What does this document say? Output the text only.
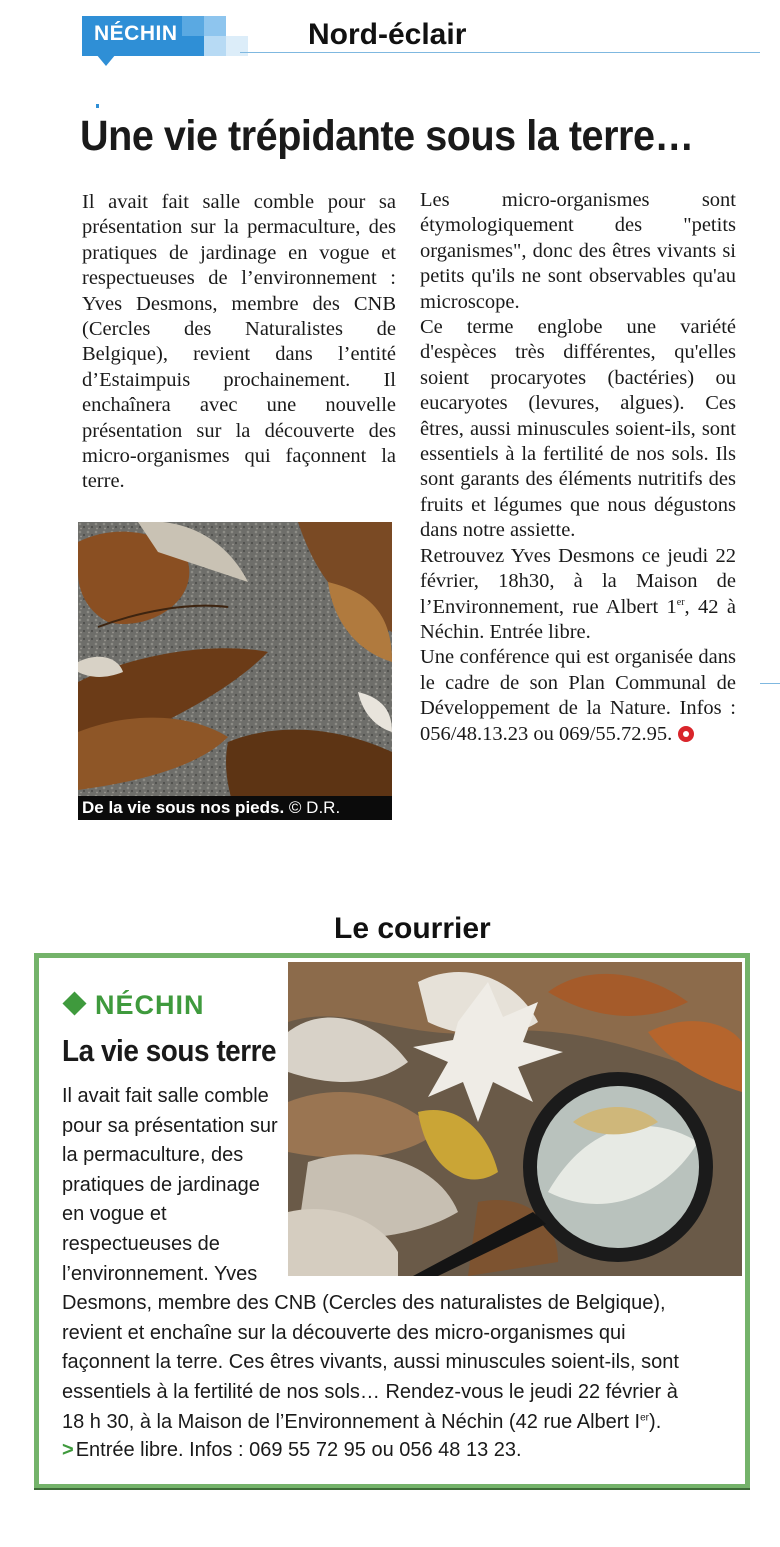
NÉCHIN	Nord-éclair
Une vie trépidante sous la terre…

Il avait fait salle comble pour sa présentation sur la permaculture, des pratiques de jardinage en vogue et respectueuses de l’environnement : Yves Desmons, membre des CNB (Cercles des Naturalistes de Belgique), revient dans l’entité d’Estaimpuis prochainement. Il enchaînera avec une nouvelle présentation sur la découverte des micro-organismes qui façonnent la terre.

Les micro-organismes sont étymologiquement des "petits organismes", donc des êtres vivants si petits qu'ils ne sont observables qu'au microscope.

Ce terme englobe une variété d'espèces très différentes, qu'elles soient procaryotes (bactéries) ou eucaryotes (levures, algues). Ces êtres, aussi minuscules soient-ils, sont essentiels à la fertilité de nos sols. Ils sont garants des éléments nutritifs des fruits et légumes que nous dégustons dans notre assiette.

Retrouvez Yves Desmons ce jeudi 22 février, 18h30, à la Maison de l’Environnement, rue Albert 1er, 42 à Néchin. Entrée libre.

Une conférence qui est organisée dans le cadre de son Plan Communal de Développement de la Nature. Infos : 056/48.13.23 ou 069/55.72.95.

De la vie sous nos pieds. © D.R.
Le courrier
NÉCHIN
La vie sous terre
Il avait fait salle comble pour sa présentation sur la permaculture, des pratiques de jardinage en vogue et respectueuses de l’environnement. Yves
Desmons, membre des CNB (Cercles des naturalistes de Belgique),
revient et enchaîne sur la découverte des micro-organismes qui
façonnent la terre. Ces êtres vivants, aussi minuscules soient-ils, sont
essentiels à la fertilité de nos sols… Rendez-vous le jeudi 22 février à
18 h 30, à la Maison de l’Environnement à Néchin (42 rue Albert Ier).
> Entrée libre. Infos : 069 55 72 95 ou 056 48 13 23.
